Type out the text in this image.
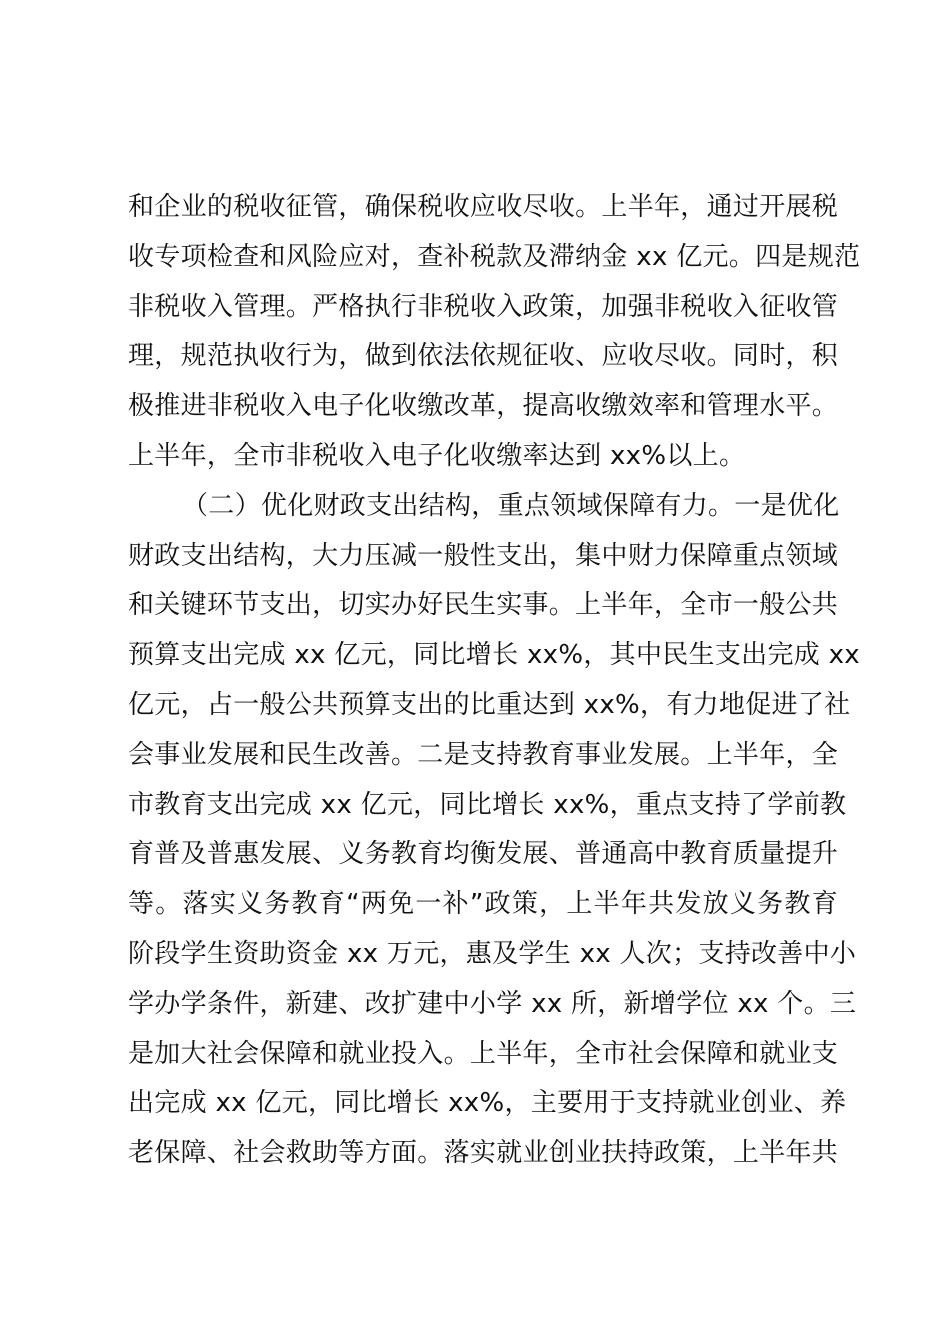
和企业的税收征管，确保税收应收尽收。上半年，通过开展税
收专项检查和风险应对，查补税款及滞纳金 xx 亿元。四是规范
非税收入管理。严格执行非税收入政策，加强非税收入征收管
理，规范执收行为，做到依法依规征收、应收尽收。同时，积
极推进非税收入电子化收缴改革，提高收缴效率和管理水平。
上半年，全市非税收入电子化收缴率达到 xx%以上。
（二）优化财政支出结构，重点领域保障有力。一是优化
财政支出结构，大力压减一般性支出，集中财力保障重点领域
和关键环节支出，切实办好民生实事。上半年，全市一般公共
预算支出完成 xx 亿元，同比增长 xx%，其中民生支出完成 xx
亿元，占一般公共预算支出的比重达到 xx%，有力地促进了社
会事业发展和民生改善。二是支持教育事业发展。上半年，全
市教育支出完成 xx 亿元，同比增长 xx%，重点支持了学前教
育普及普惠发展、义务教育均衡发展、普通高中教育质量提升
等。落实义务教育“两免一补”政策，上半年共发放义务教育
阶段学生资助资金 xx 万元，惠及学生 xx 人次；支持改善中小
学办学条件，新建、改扩建中小学 xx 所，新增学位 xx 个。三
是加大社会保障和就业投入。上半年，全市社会保障和就业支
出完成 xx 亿元，同比增长 xx%，主要用于支持就业创业、养
老保障、社会救助等方面。落实就业创业扶持政策，上半年共
